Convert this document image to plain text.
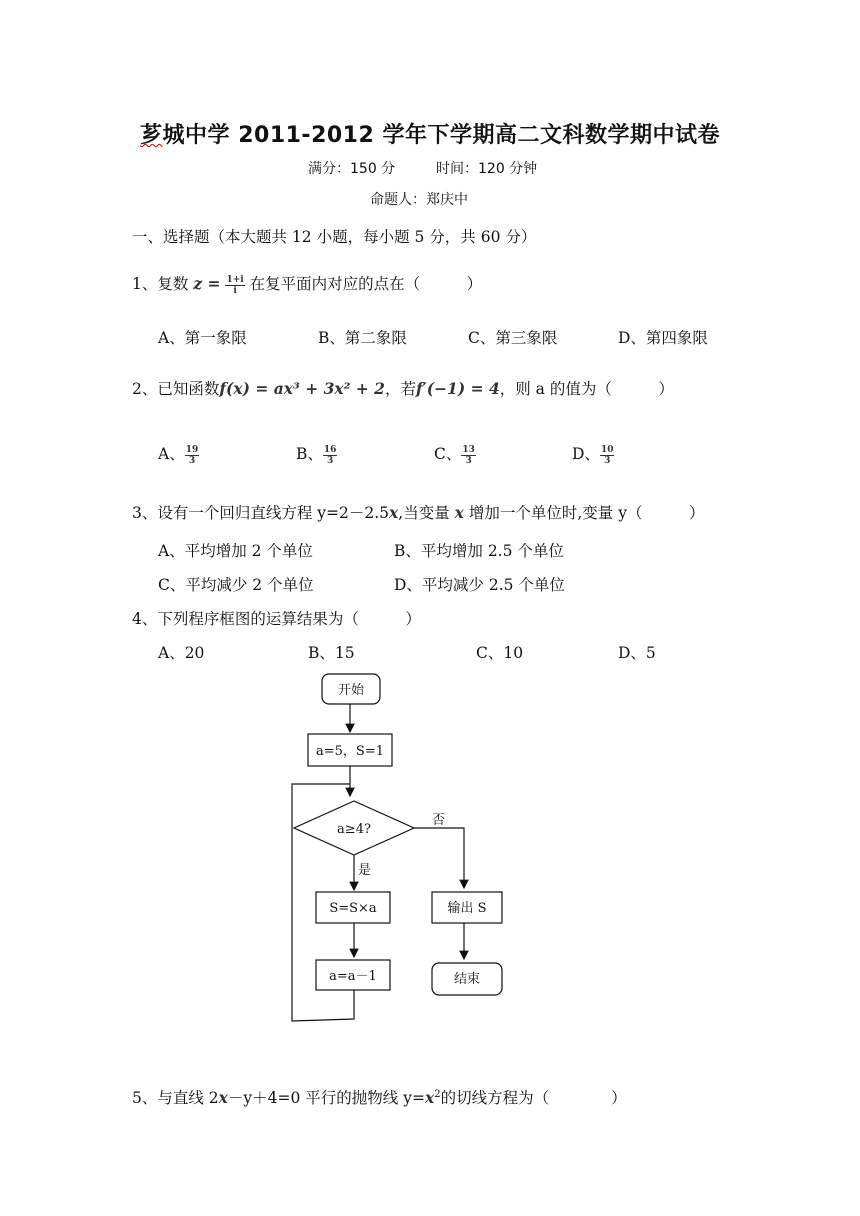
芗城中学 2011-2012 学年下学期高二文科数学期中试卷
满分：150 分	时间：120 分钟
命题人：郑庆中
一、选择题（本大题共 12 小题，每小题 5 分，共 60 分）
1、复数 $z = \frac{1+i}{i}$ 在复平面内对应的点在（　　　）
A、第一象限	B、第二象限	C、第三象限	D、第四象限
2、已知函数f(x) = ax³ + 3x² + 2，若f′(−1) = 4，则 a 的值为（　　　）
A、 $\frac{19}{3}$	B、 $\frac{16}{3}$	C、 $\frac{13}{3}$	D、 $\frac{10}{3}$
3、设有一个回归直线方程 y=2－2.5x,当变量 x 增加一个单位时,变量 y（　　　）
A、平均增加 2 个单位	B、平均增加 2.5 个单位
C、平均减少 2 个单位	D、平均减少 2.5 个单位
4、下列程序框图的运算结果为（　　　）
A、20	B、15	C、10	D、5
开始
a=5，S=1
a≥4?
否
是
S=S×a	输出 S
a=a－1	结束
5、与直线 2x－y＋4=0 平行的抛物线 $y=x^2$的切线方程为（　　　　）
